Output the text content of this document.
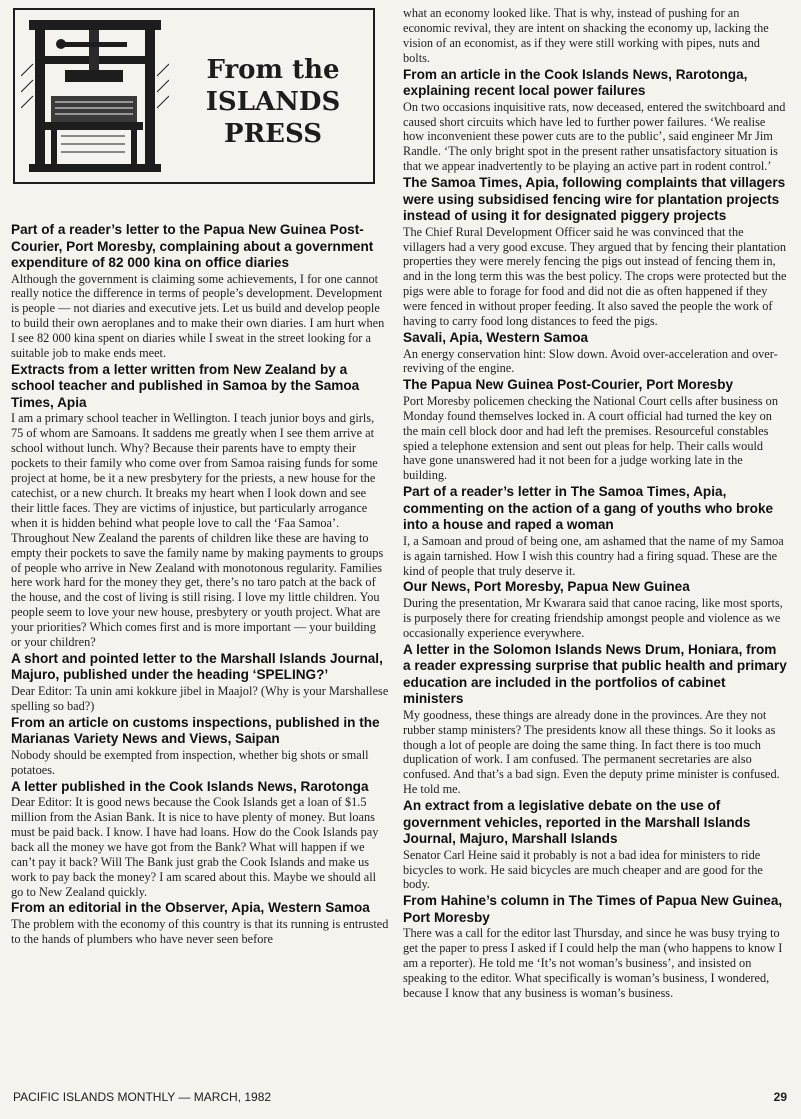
From the
ISLANDS
PRESS

Part of a reader’s letter to the Papua New Guinea Post-Courier, Port Moresby, complaining about a government expenditure of 82 000 kina on office diaries

Although the government is claiming some achievements, I for one cannot really notice the difference in terms of people’s development. Development is people — not diaries and executive jets. Let us build and develop people to build their own aeroplanes and to make their own diaries. I am hurt when I see 82 000 kina spent on diaries while I sweat in the street looking for a suitable job to make ends meet.

Extracts from a letter written from New Zealand by a school teacher and published in Samoa by the Samoa Times, Apia

I am a primary school teacher in Wellington. I teach junior boys and girls, 75 of whom are Samoans. It saddens me greatly when I see them arrive at school without lunch. Why? Because their parents have to empty their pockets to their family who come over from Samoa raising funds for some project at home, be it a new presbytery for the priests, a new house for the catechist, or a new church. It breaks my heart when I look down and see their little faces. They are victims of injustice, but particularly arrogance when it is hidden behind what people love to call the ‘Faa Samoa’. Throughout New Zealand the parents of children like these are having to empty their pockets to save the family name by making payments to groups of people who arrive in New Zealand with monotonous regularity. Families here work hard for the money they get, there’s no taro patch at the back of the house, and the cost of living is still rising. I love my little children. You people seem to love your new house, presbytery or youth project. What are your priorities? Which comes first and is more important — your building or your children?

A short and pointed letter to the Marshall Islands Journal, Majuro, published under the heading ‘SPELING?’

Dear Editor: Ta unin ami kokkure jibel in Maajol? (Why is your Marshallese spelling so bad?)

From an article on customs inspections, published in the Marianas Variety News and Views, Saipan

Nobody should be exempted from inspection, whether big shots or small potatoes.

A letter published in the Cook Islands News, Rarotonga

Dear Editor: It is good news because the Cook Islands get a loan of $1.5 million from the Asian Bank. It is nice to have plenty of money. But loans must be paid back. I know. I have had loans. How do the Cook Islands pay back all the money we have got from the Bank? What will happen if we can’t pay it back? Will The Bank just grab the Cook Islands and make us work to pay back the money? I am scared about this. Maybe we should all go to New Zealand quickly.

From an editorial in the Observer, Apia, Western Samoa

The problem with the economy of this country is that its running is entrusted to the hands of plumbers who have never seen before

what an economy looked like. That is why, instead of pushing for an economic revival, they are intent on shacking the economy up, lacking the vision of an economist, as if they were still working with pipes, nuts and bolts.

From an article in the Cook Islands News, Rarotonga, explaining recent local power failures

On two occasions inquisitive rats, now deceased, entered the switchboard and caused short circuits which have led to further power failures. ‘We realise how inconvenient these power cuts are to the public’, said engineer Mr Jim Randle. ‘The only bright spot in the present rather unsatisfactory situation is that we appear inadvertently to be playing an active part in rodent control.’

The Samoa Times, Apia, following complaints that villagers were using subsidised fencing wire for plantation projects instead of using it for designated piggery projects

The Chief Rural Development Officer said he was convinced that the villagers had a very good excuse. They argued that by fencing their plantation properties they were merely fencing the pigs out instead of fencing them in, and in the long term this was the best policy. The crops were protected but the pigs were able to forage for food and did not die as often happened if they were fenced in without proper feeding. It also saved the people the work of having to carry food long distances to feed the pigs.

Savali, Apia, Western Samoa

An energy conservation hint: Slow down. Avoid over-acceleration and over-reviving of the engine.

The Papua New Guinea Post-Courier, Port Moresby

Port Moresby policemen checking the National Court cells after business on Monday found themselves locked in. A court official had turned the key on the main cell block door and had left the premises. Resourceful constables spied a telephone extension and sent out pleas for help. Their calls would have gone unanswered had it not been for a judge working late in the building.

Part of a reader’s letter in The Samoa Times, Apia, commenting on the action of a gang of youths who broke into a house and raped a woman

I, a Samoan and proud of being one, am ashamed that the name of my Samoa is again tarnished. How I wish this country had a firing squad. These are the kind of people that truly deserve it.

Our News, Port Moresby, Papua New Guinea

During the presentation, Mr Kwarara said that canoe racing, like most sports, is purposely there for creating friendship amongst people and violence as we occasionally experience everywhere.

A letter in the Solomon Islands News Drum, Honiara, from a reader expressing surprise that public health and primary education are included in the portfolios of cabinet ministers

My goodness, these things are already done in the provinces. Are they not rubber stamp ministers? The presidents know all these things. So it looks as though a lot of people are doing the same thing. In fact there is too much duplication of work. I am confused. The permanent secretaries are also confused. And that’s a bad sign. Even the deputy prime minister is confused. He told me.

An extract from a legislative debate on the use of government vehicles, reported in the Marshall Islands Journal, Majuro, Marshall Islands

Senator Carl Heine said it probably is not a bad idea for ministers to ride bicycles to work. He said bicycles are much cheaper and are good for the body.

From Hahine’s column in The Times of Papua New Guinea, Port Moresby

There was a call for the editor last Thursday, and since he was busy trying to get the paper to press I asked if I could help the man (who happens to know I am a reporter). He told me ‘It’s not woman’s business’, and insisted on speaking to the editor. What specifically is woman’s business, I wondered, because I know that any business is woman’s business.

PACIFIC ISLANDS MONTHLY — MARCH, 1982	29
